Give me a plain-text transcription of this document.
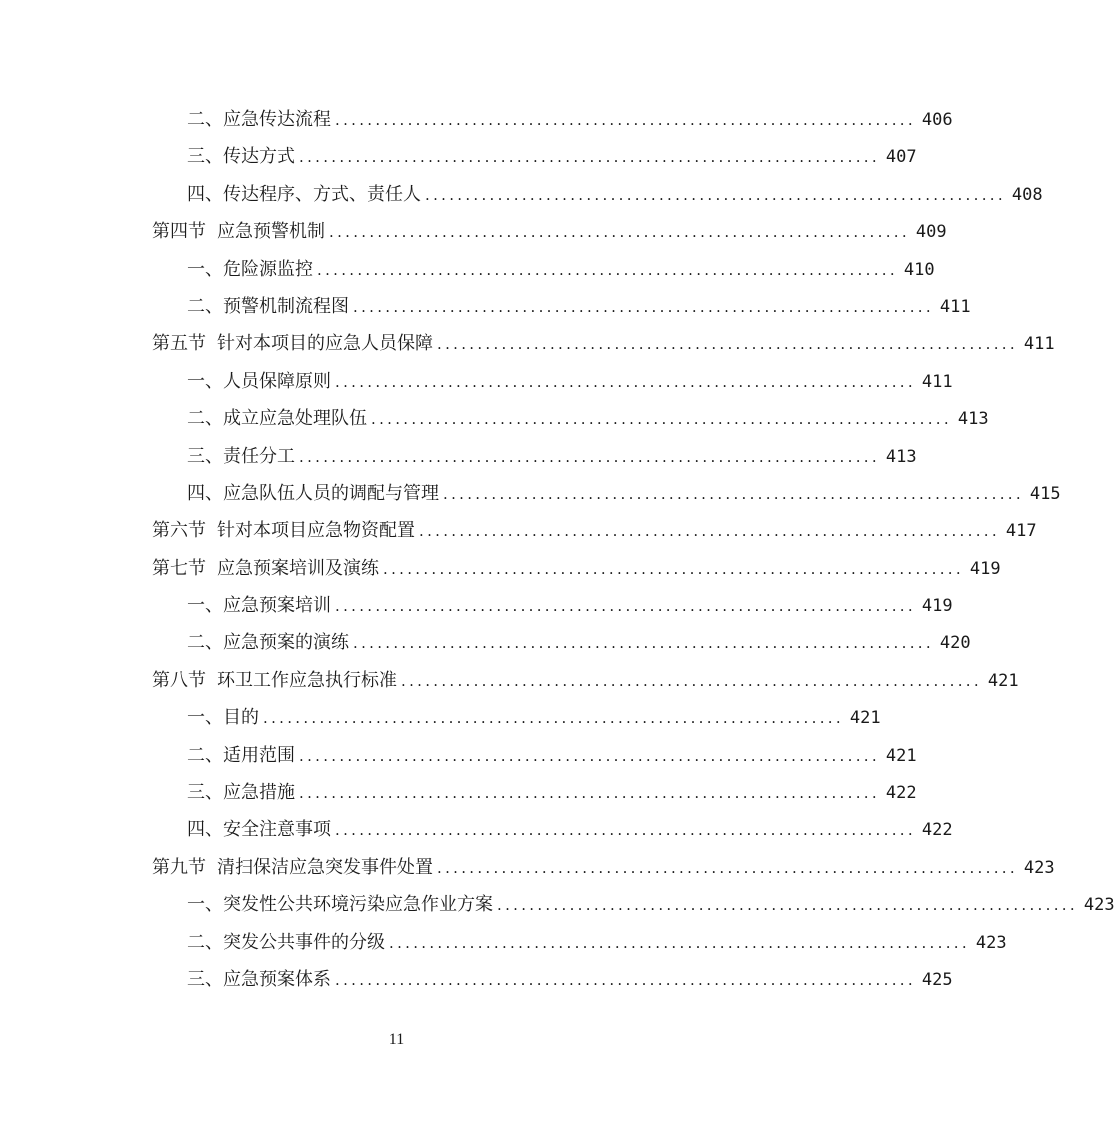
二、应急传达流程 ........................................................................ 406
三、传达方式 ........................................................................ 407
四、传达程序、方式、责任人 ........................................................................ 408
第四节 应急预警机制 ........................................................................ 409
一、危险源监控 ........................................................................ 410
二、预警机制流程图 ........................................................................ 411
第五节 针对本项目的应急人员保障 ........................................................................ 411
一、人员保障原则 ........................................................................ 411
二、成立应急处理队伍 ........................................................................ 413
三、责任分工 ........................................................................ 413
四、应急队伍人员的调配与管理 ........................................................................ 415
第六节 针对本项目应急物资配置 ........................................................................ 417
第七节 应急预案培训及演练 ........................................................................ 419
一、应急预案培训 ........................................................................ 419
二、应急预案的演练 ........................................................................ 420
第八节 环卫工作应急执行标准 ........................................................................ 421
一、目的 ........................................................................ 421
二、适用范围 ........................................................................ 421
三、应急措施 ........................................................................ 422
四、安全注意事项 ........................................................................ 422
第九节 清扫保洁应急突发事件处置 ........................................................................ 423
一、突发性公共环境污染应急作业方案 ........................................................................ 423
二、突发公共事件的分级 ........................................................................ 423
三、应急预案体系 ........................................................................ 425
11
